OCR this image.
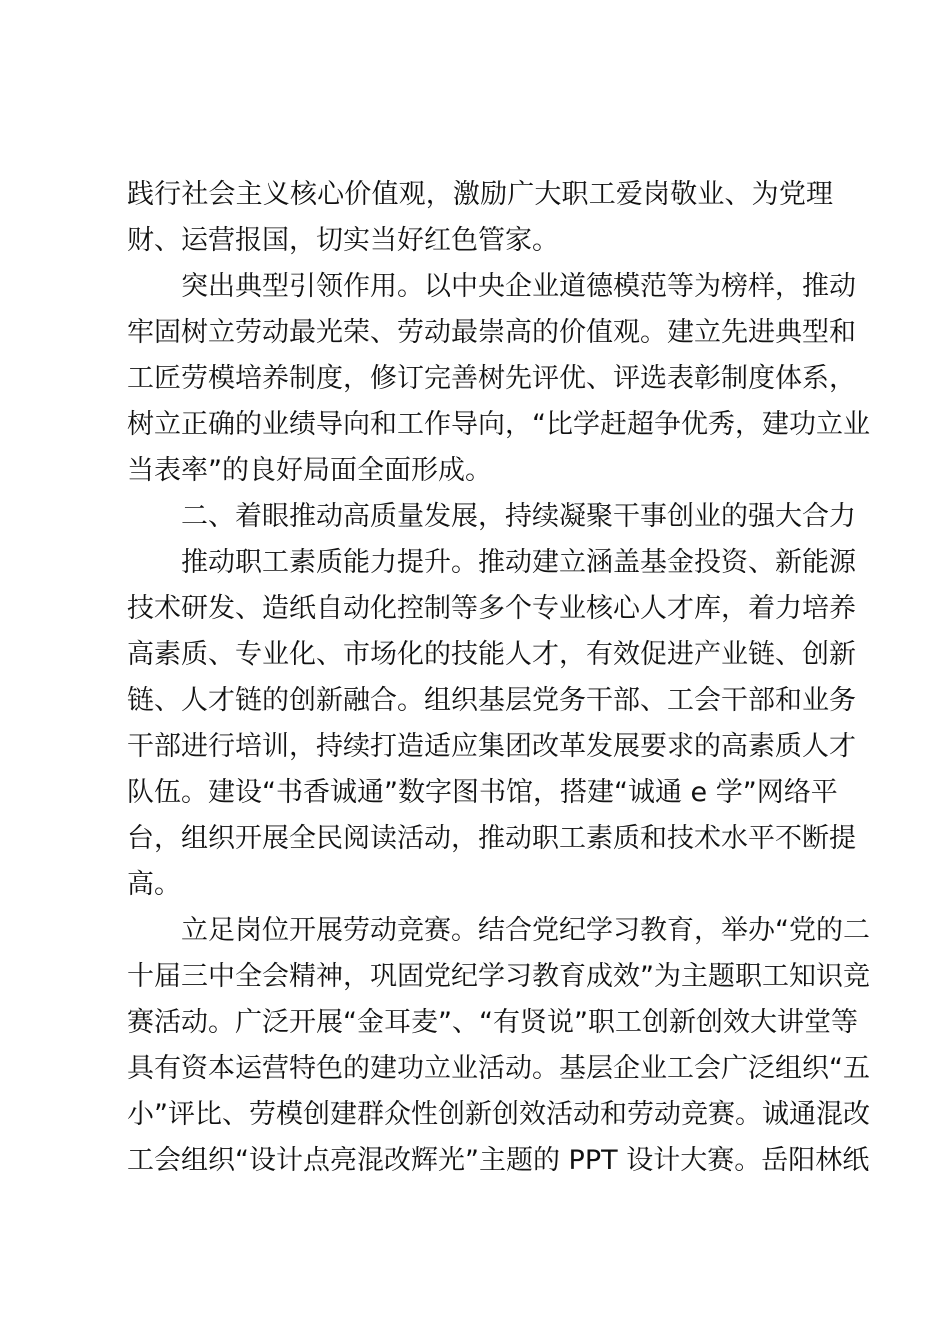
践行社会主义核心价值观，激励广大职工爱岗敬业、为党理
财、运营报国，切实当好红色管家。
突出典型引领作用。以中央企业道德模范等为榜样，推动
牢固树立劳动最光荣、劳动最崇高的价值观。建立先进典型和
工匠劳模培养制度，修订完善树先评优、评选表彰制度体系，
树立正确的业绩导向和工作导向，“比学赶超争优秀，建功立业
当表率”的良好局面全面形成。
二、着眼推动高质量发展，持续凝聚干事创业的强大合力
推动职工素质能力提升。推动建立涵盖基金投资、新能源
技术研发、造纸自动化控制等多个专业核心人才库，着力培养
高素质、专业化、市场化的技能人才，有效促进产业链、创新
链、人才链的创新融合。组织基层党务干部、工会干部和业务
干部进行培训，持续打造适应集团改革发展要求的高素质人才
队伍。建设“书香诚通”数字图书馆，搭建“诚通 e 学”网络平
台，组织开展全民阅读活动，推动职工素质和技术水平不断提
高。
立足岗位开展劳动竞赛。结合党纪学习教育，举办“党的二
十届三中全会精神，巩固党纪学习教育成效”为主题职工知识竞
赛活动。广泛开展“金耳麦”、“有贤说”职工创新创效大讲堂等
具有资本运营特色的建功立业活动。基层企业工会广泛组织“五
小”评比、劳模创建群众性创新创效活动和劳动竞赛。诚通混改
工会组织“设计点亮混改辉光”主题的 PPT 设计大赛。岳阳林纸
